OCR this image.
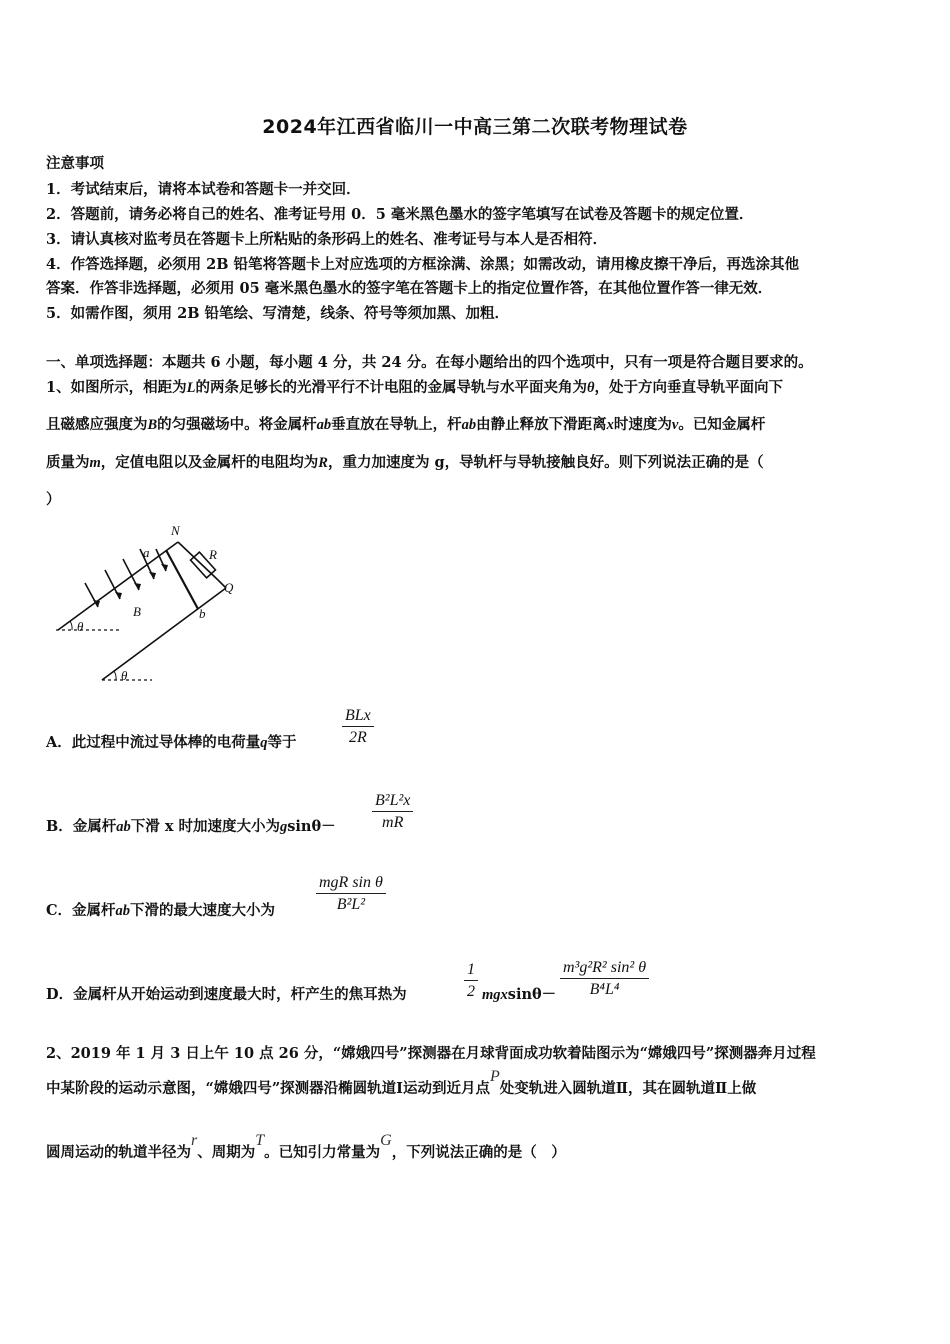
2024年江西省临川一中高三第二次联考物理试卷
注意事项
1．考试结束后，请将本试卷和答题卡一并交回．
2．答题前，请务必将自己的姓名、准考证号用 0．5 毫米黑色墨水的签字笔填写在试卷及答题卡的规定位置．
3．请认真核对监考员在答题卡上所粘贴的条形码上的姓名、准考证号与本人是否相符．
4．作答选择题，必须用 2B 铅笔将答题卡上对应选项的方框涂满、涂黑；如需改动，请用橡皮擦干净后，再选涂其他
答案．作答非选择题，必须用 05 毫米黑色墨水的签字笔在答题卡上的指定位置作答，在其他位置作答一律无效．
5．如需作图，须用 2B 铅笔绘、写清楚，线条、符号等须加黑、加粗．
一、单项选择题：本题共 6 小题，每小题 4 分，共 24 分。在每小题给出的四个选项中，只有一项是符合题目要求的。
1、如图所示，相距为L的两条足够长的光滑平行不计电阻的金属导轨与水平面夹角为θ，处于方向垂直导轨平面向下
且磁感应强度为B的匀强磁场中。将金属杆ab垂直放在导轨上，杆ab由静止释放下滑距离x时速度为v。已知金属杆
质量为m，定值电阻以及金属杆的电阻均为R，重力加速度为 g，导轨杆与导轨接触良好。则下列说法正确的是（
）
N
R
a
Q
B	b
θ
θ
A．此过程中流过导体棒的电荷量q等于
BLx
2R
B．金属杆ab下滑 x 时加速度大小为$gsin\theta- \frac{\text{B²L²x}}{mR}$
C．金属杆ab下滑的最大速度大小为
mgR sin θ
B²L²
D．金属杆从开始运动到速度最大时，杆产生的焦耳热为	$\frac{1}{2} mgxsin\theta- \frac{\text{m³g²R² sin² θ}}{\text{B⁴L⁴}}$
2、2019 年 1 月 3 日上午 10 点 26 分，“嫦娥四号”探测器在月球背面成功软着陆图示为“嫦娥四号”探测器奔月过程
中某阶段的运动示意图，“嫦娥四号”探测器沿椭圆轨道Ⅰ运动到近月点P处变轨进入圆轨道Ⅱ，其在圆轨道Ⅱ上做
圆周运动的轨道半径为r、周期为T。已知引力常量为G，下列说法正确的是（　）
